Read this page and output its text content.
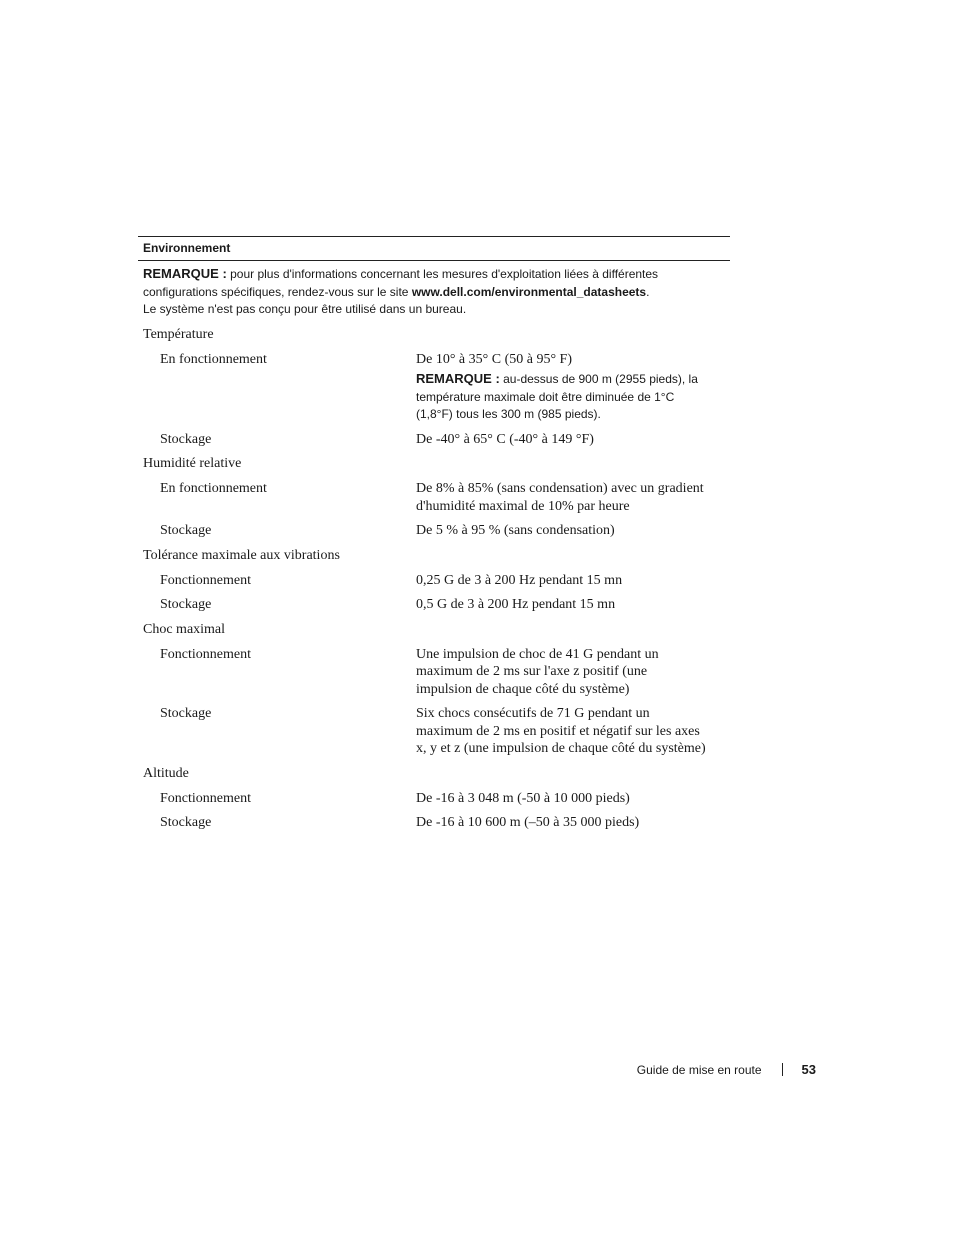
Environnement
REMARQUE : pour plus d'informations concernant les mesures d'exploitation liées à différentes configurations spécifiques, rendez-vous sur le site www.dell.com/environmental_datasheets.
Le système n'est pas conçu pour être utilisé dans un bureau.
Température
En fonctionnement	De 10° à 35° C (50 à 95° F)
REMARQUE : au-dessus de 900 m (2955 pieds), la température maximale doit être diminuée de 1°C (1,8°F) tous les 300 m (985 pieds).
Stockage	De -40° à 65° C (-40° à 149 °F)
Humidité relative
En fonctionnement	De 8% à 85% (sans condensation) avec un gradient d'humidité maximal de 10% par heure
Stockage	De 5 % à 95 % (sans condensation)
Tolérance maximale aux vibrations
Fonctionnement	0,25 G de 3 à 200 Hz pendant 15 mn
Stockage	0,5 G de 3 à 200 Hz pendant 15 mn
Choc maximal
Fonctionnement	Une impulsion de choc de 41 G pendant un maximum de 2 ms sur l'axe z positif (une impulsion de chaque côté du système)
Stockage	Six chocs consécutifs de 71 G pendant un maximum de 2 ms en positif et négatif sur les axes x, y et z (une impulsion de chaque côté du système)
Altitude
Fonctionnement	De -16 à 3 048 m (-50 à 10 000 pieds)
Stockage	De -16 à 10 600 m (–50 à 35 000 pieds)
Guide de mise en route	53
